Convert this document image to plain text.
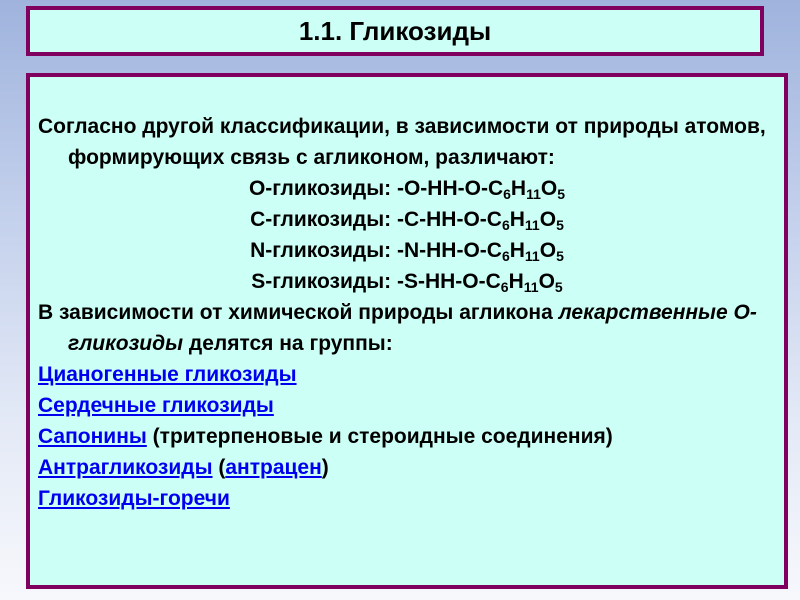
1.1. Гликозиды

Согласно другой классификации, в зависимости от природы атомов, формирующих связь с агликоном, различают:

O-гликозиды: $-O-HH-O-C_6H_{11}O_5$

C-гликозиды: $-C-HH-O-C_6H_{11}O_5$

N-гликозиды: $-N-HH-O-C_6H_{11}O_5$

S-гликозиды: $-S-HH-O-C_6H_{11}O_5$

В зависимости от химической природы агликона лекарственные O-гликозиды делятся на группы:

Цианогенные гликозиды

Сердечные гликозиды

Сапонины (тритерпеновые и стероидные соединения)

Антрагликозиды (антрацен)

Гликозиды-горечи
